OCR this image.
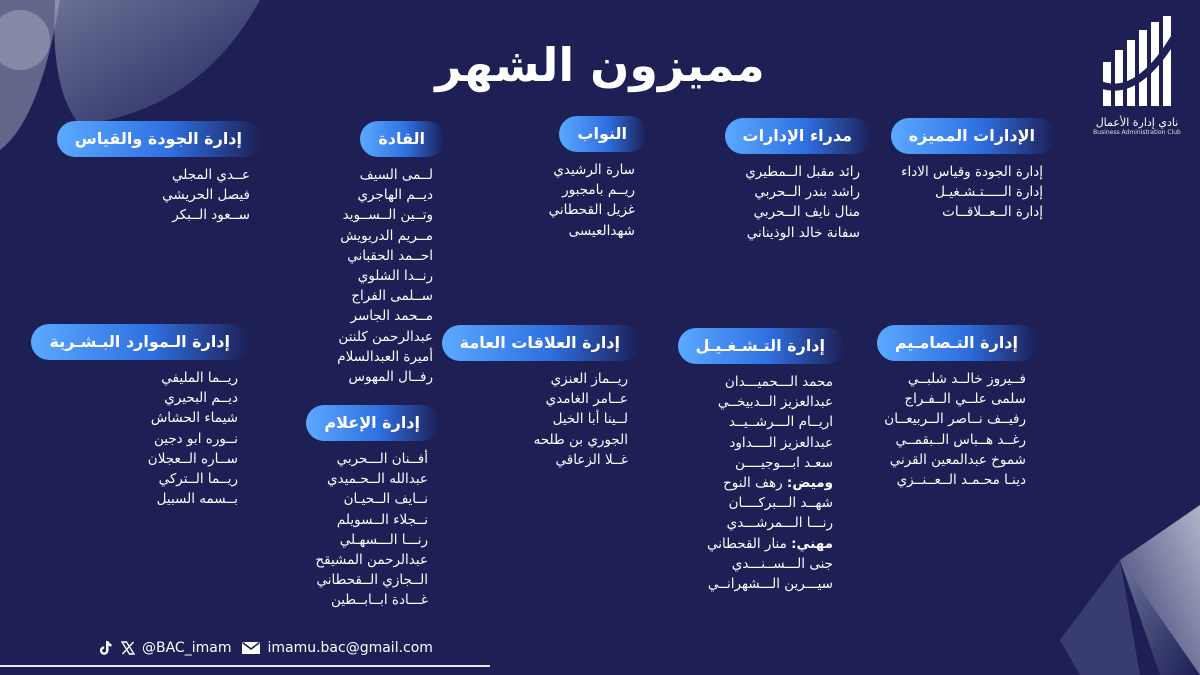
مميزون الشهر
نادي إدارة الأعمال
Business Administration Club
الإدارات المميزه
إدارة الجودة وقياس الاداء
إدارة الـــــتـشـغيـل
إدارة الــعــلاقــات
مدراء الإدارات
رائد مقبل الــمطيري
راشد بندر الــحربي
منال نايف الــحربي
سفانة خالد الوذيناني
النواب
سارة الرشيدي
ريــم بامجبور
غزيل القحطاني
شهدالعيسى
القادة
لــمى السيف
ديــم الهاجري
وتــين الــســويد
مــريم الدريويش
احــمد الحقباني
رنــدا الشلوي
ســلمى الفراج
مــحمد الجاسر
عبدالرحمن كلنتن
أميرة العبدالسلام
رفــال المهوس
إدارة الجودة والقياس
عــدي المجلي
فيصل الحريشي
ســعود الــبكر
إدارة التـصامـيم
فــيروز خالــد شلبــي
سلمى علــي الــفـراج
رفيــف نــاصر الــربيعــان
رغــد هــباس الــبقمــي
شموخ عبدالمعين القرني
دينـا محـمـد الــعــنــزي
إدارة التـشـغـيـل
محمد الـــحميـــدان
عبدالعزيز الــدبيخــي
اريــام الـــرشــيــد
عبدالعزيز الــــداود
سعـد ابـــوجيــــن
وميض: رهف النوح
شهــد الـــبركــــان
رنـــا الـــمرشـــدي
مهني: منار القحطاني
جنى الـــســنـــدي
سيـــرين الـــشهرانــي
إدارة العلاقات العامة
ريــماز العنزي
عــامر الغامدي
لــينا أبا الخيل
الجوري بن طلحه
غــلا الزعاقي
إدارة الإعلام
أفــنان الـــحربي
عبدالله الــحـميدي
نــايف الــحيـان
نــجلاء الــسويلم
رنـــا الـــسهـلي
عبدالرحمن المشيقح
الــجازي الــقحطاني
غـــادة ابــابــطين
إدارة الـموارد البـشـرية
ريــما المليفي
ديــم البحيري
شيماء الحشاش
نــوره ابو دجين
ســاره الــعجلان
ريــما الــتركي
بــسمه السبيل
@BAC_imam	imamu.bac@gmail.com
